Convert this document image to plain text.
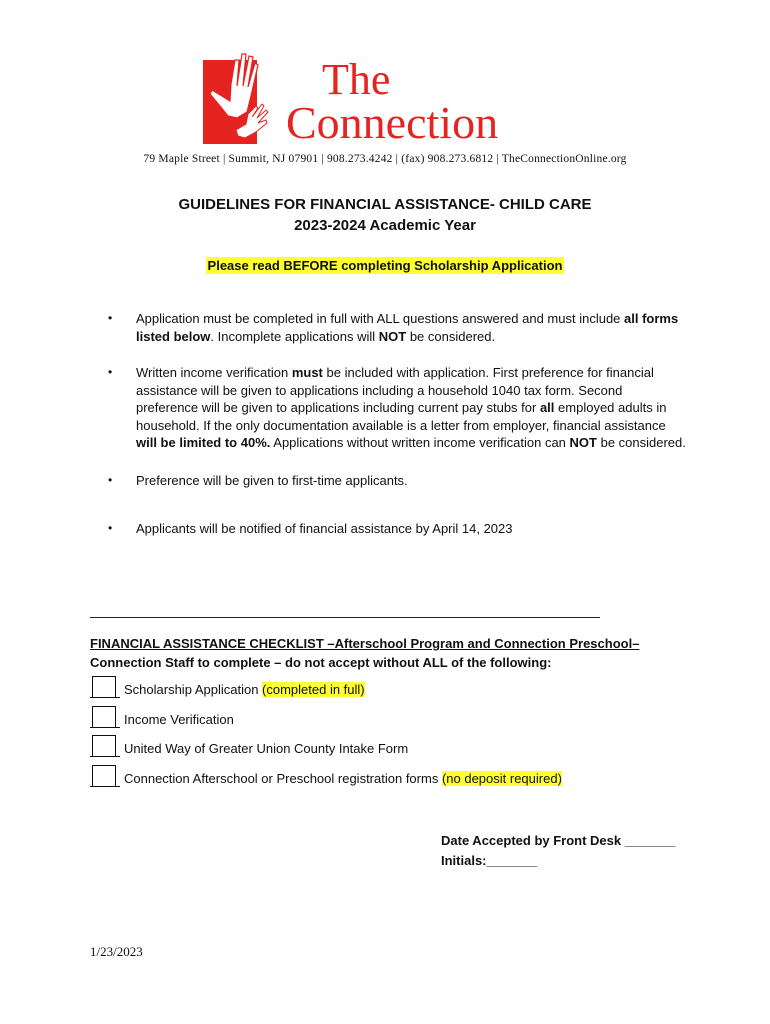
The
Connection
79 Maple Street | Summit, NJ 07901 | 908.273.4242 | (fax) 908.273.6812 | TheConnectionOnline.org
GUIDELINES FOR FINANCIAL ASSISTANCE- CHILD CARE
2023-2024 Academic Year
Please read BEFORE completing Scholarship Application
• Application must be completed in full with ALL questions answered and must include all forms listed below. Incomplete applications will NOT be considered.
• Written income verification must be included with application. First preference for financial assistance will be given to applications including a household 1040 tax form. Second preference will be given to applications including current pay stubs for all employed adults in household. If the only documentation available is a letter from employer, financial assistance will be limited to 40%. Applications without written income verification can NOT be considered.
• Preference will be given to first-time applicants.
• Applicants will be notified of financial assistance by April 14, 2023
FINANCIAL ASSISTANCE CHECKLIST –Afterschool Program and Connection Preschool–
Connection Staff to complete – do not accept without ALL of the following:
Scholarship Application (completed in full)
Income Verification
United Way of Greater Union County Intake Form
Connection Afterschool or Preschool registration forms (no deposit required)
Date Accepted by Front Desk _______
Initials:_______
1/23/2023
